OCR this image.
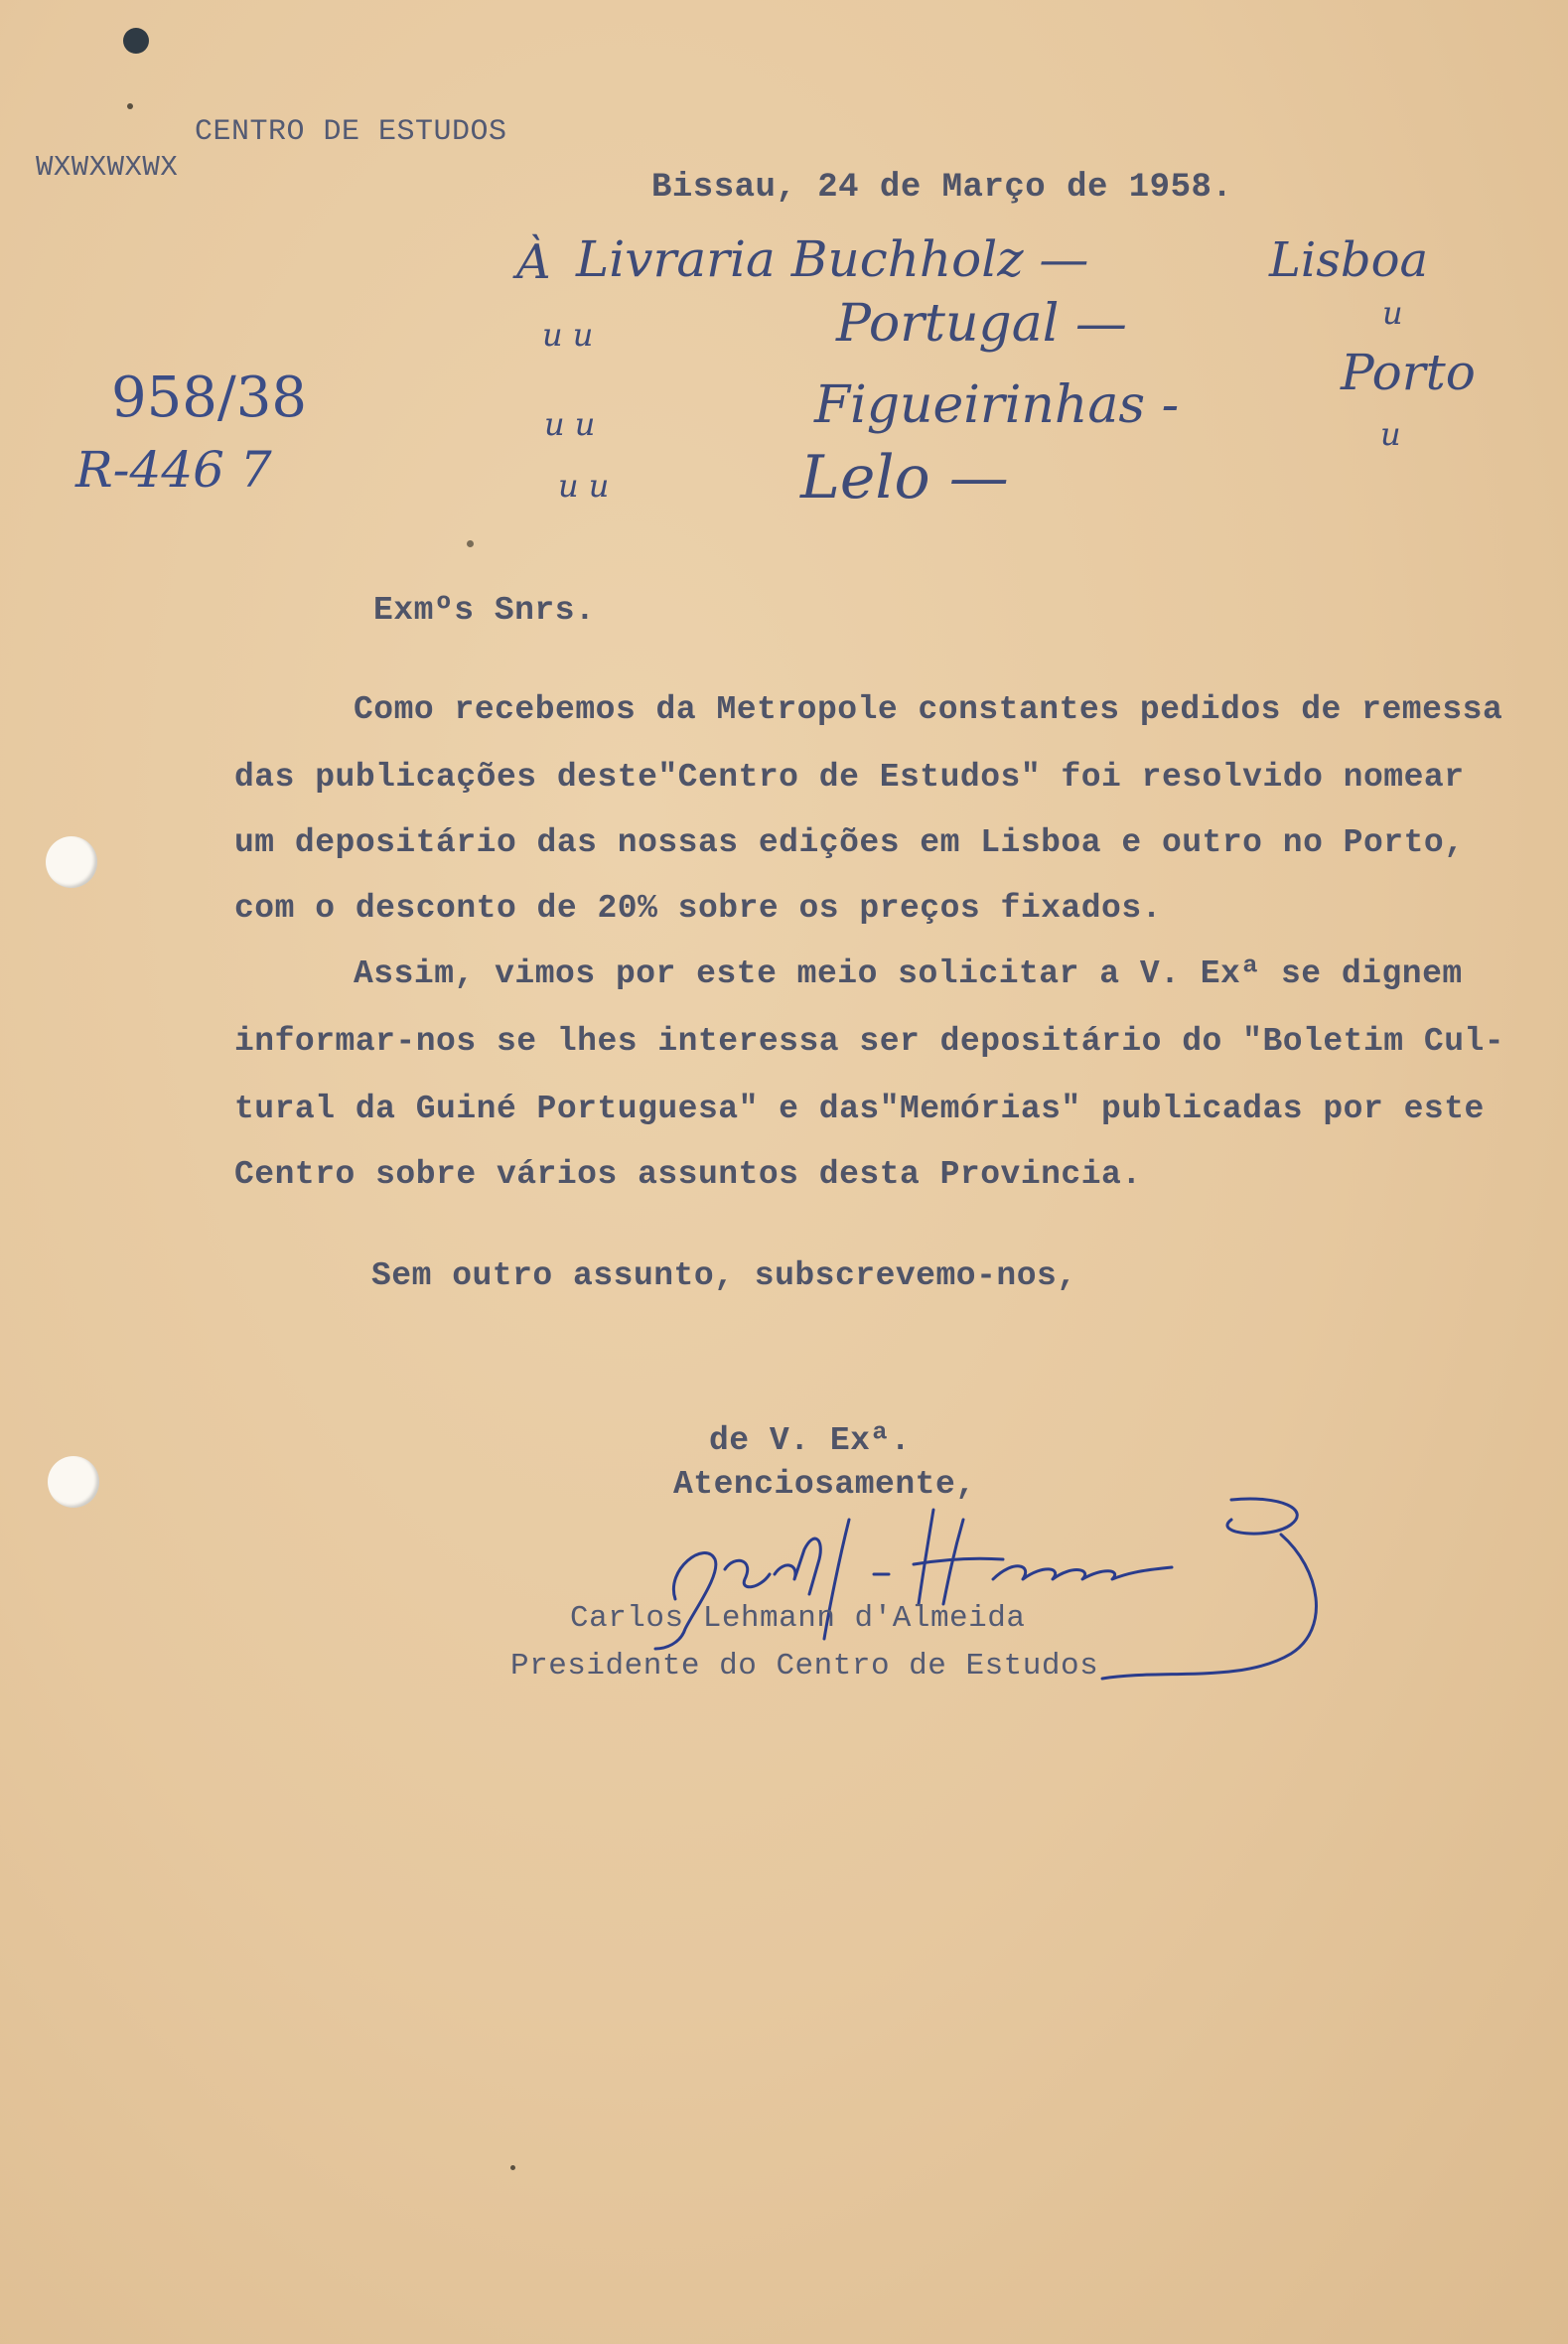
CENTRO DE ESTUDOS
WXWXWXWX
Bissau, 24 de Março de 1958.
À Livraria Buchholz —	Lisboa
u u	Portugal —	u
u u	Figueirinhas -
Porto
u u	Lelo —
u
958/38
R-446 7
Exmºs Snrs.
Como recebemos da Metropole constantes pedidos de remessa
das publicações deste"Centro de Estudos" foi resolvido nomear
um depositário das nossas edições em Lisboa e outro no Porto,
com o desconto de 20% sobre os preços fixados.
Assim, vimos por este meio solicitar a V. Exª se dignem
informar-nos se lhes interessa ser depositário do "Boletim Cul-
tural da Guiné Portuguesa" e das"Memórias" publicadas por este
Centro sobre vários assuntos desta Provincia.
Sem outro assunto, subscrevemo-nos,
de V. Exª.
Atenciosamente,
Carlos Lehmann d'Almeida
Presidente do Centro de Estudos
